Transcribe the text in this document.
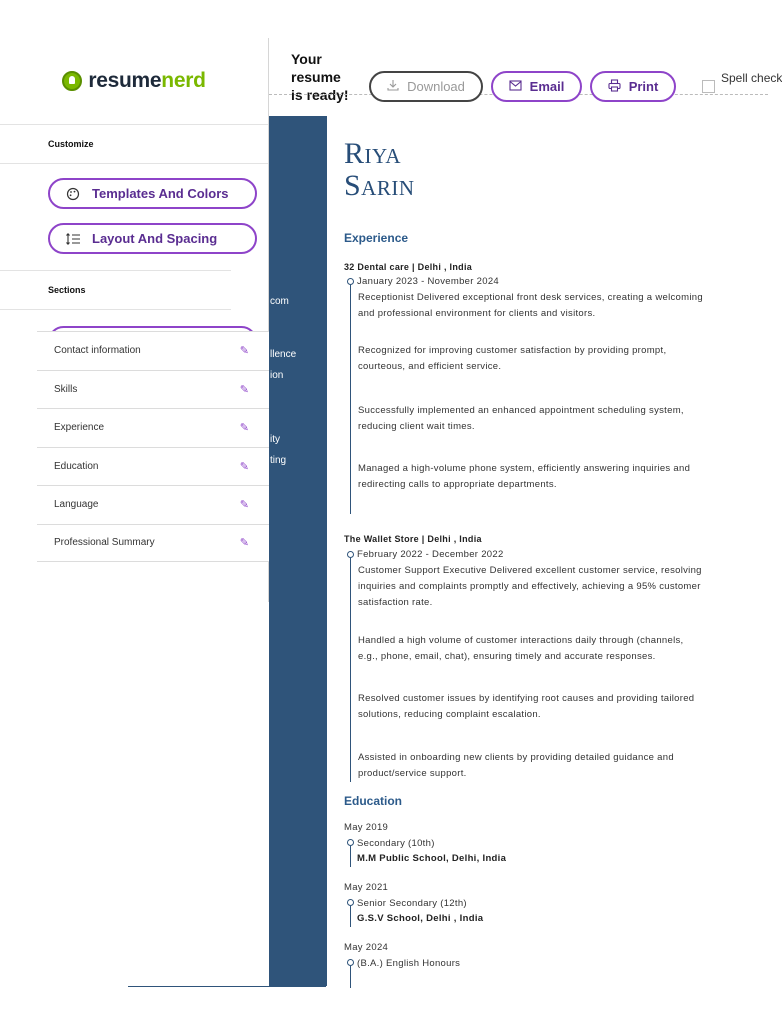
resumenerd
Customize
Templates And Colors
Layout And Spacing
Sections
Contact information	✎
Skills	✎
Experience	✎
Education	✎
Language	✎
Professional Summary	✎
Your resume is ready!
Download	Email	Print
Spell check
com
llence
ion
ity
ting
Riya
Sarin
Experience
32 Dental care | Delhi , India
January 2023 - November 2024
Receptionist Delivered exceptional front desk services, creating a welcoming
and professional environment for clients and visitors.
Recognized for improving customer satisfaction by providing prompt,
courteous, and efficient service.
Successfully implemented an enhanced appointment scheduling system,
reducing client wait times.
Managed a high-volume phone system, efficiently answering inquiries and
redirecting calls to appropriate departments.
The Wallet Store | Delhi , India
February 2022 - December 2022
Customer Support Executive Delivered excellent customer service, resolving
inquiries and complaints promptly and effectively, achieving a 95% customer
satisfaction rate.
Handled a high volume of customer interactions daily through (channels,
e.g., phone, email, chat), ensuring timely and accurate responses.
Resolved customer issues by identifying root causes and providing tailored
solutions, reducing complaint escalation.
Assisted in onboarding new clients by providing detailed guidance and
product/service support.
Education
May 2019
Secondary (10th)
M.M Public School, Delhi, India
May 2021
Senior Secondary (12th)
G.S.V School, Delhi , India
May 2024
(B.A.) English Honours
